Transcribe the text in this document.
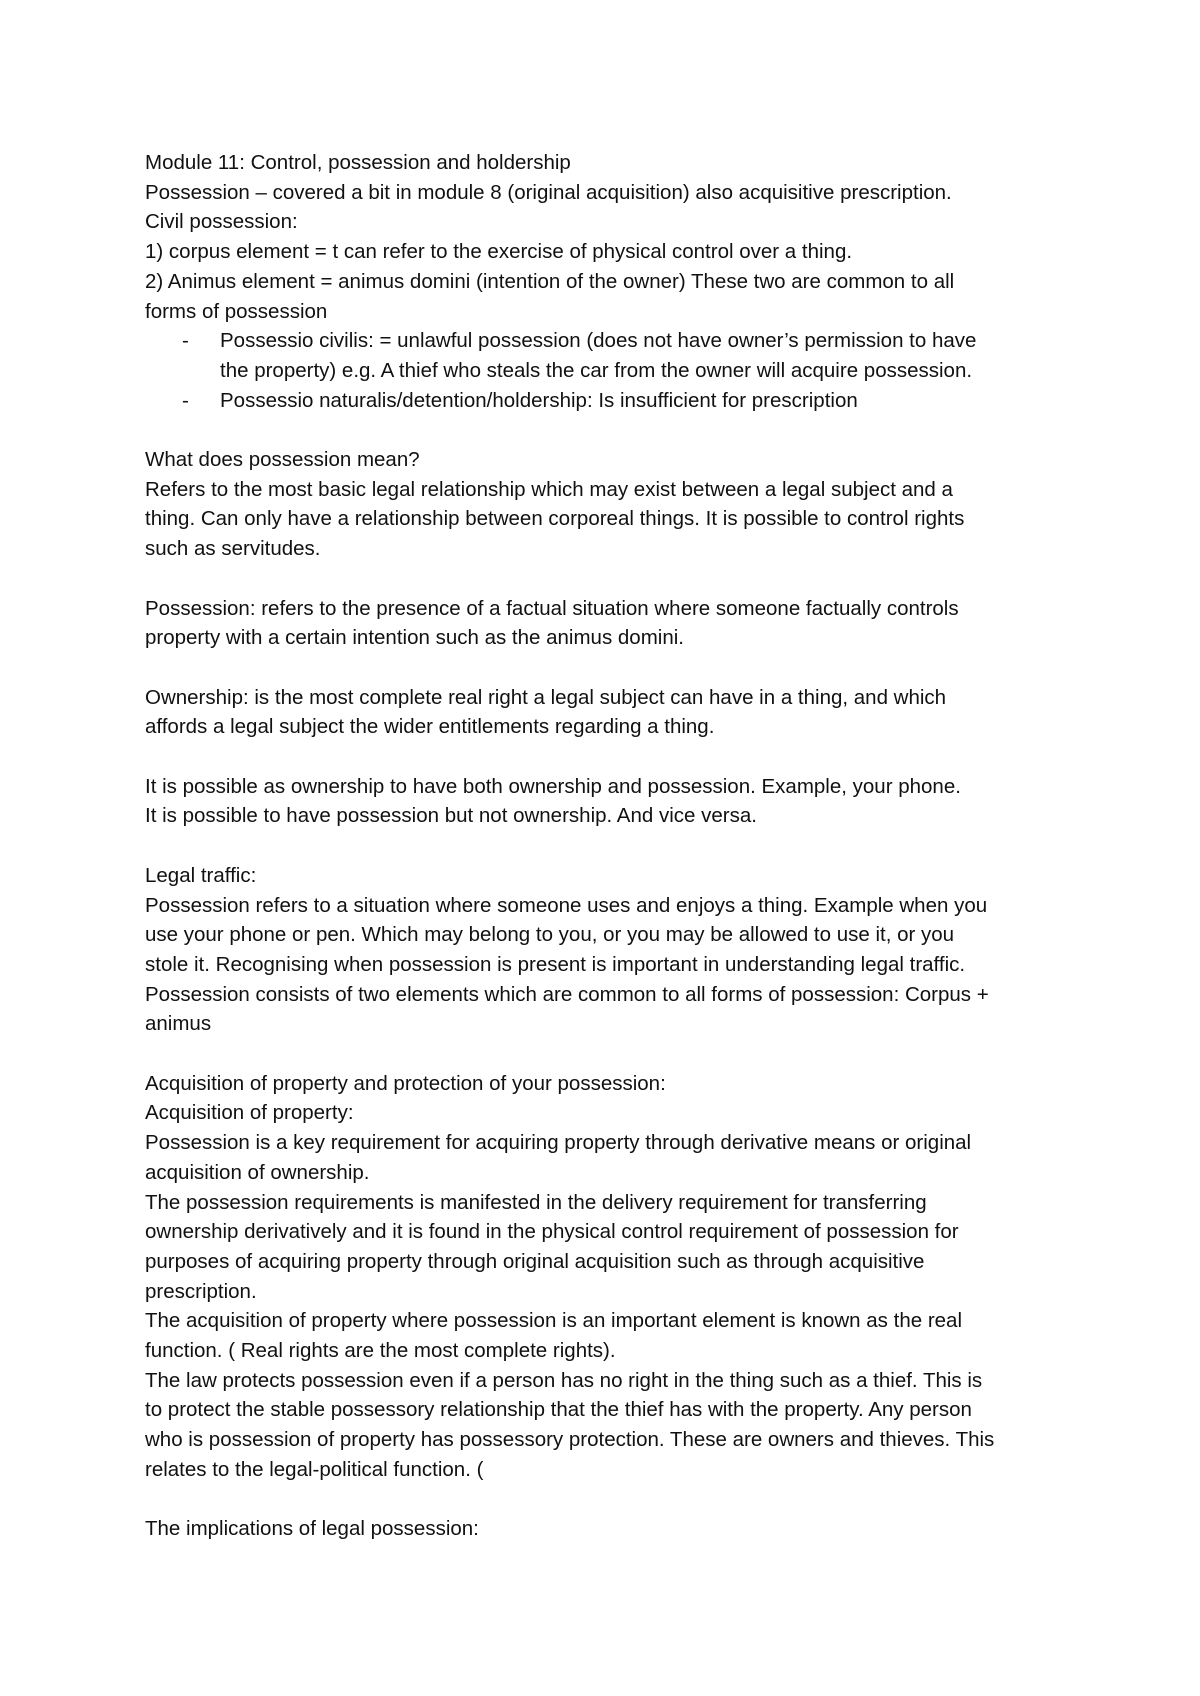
Module 11: Control, possession and holdership
Possession – covered a bit in module 8 (original acquisition) also acquisitive prescription.
Civil possession:
1) corpus element = t can refer to the exercise of physical control over a thing.
2) Animus element = animus domini (intention of the owner) These two are common to all
forms of possession
- Possessio civilis: = unlawful possession (does not have owner’s permission to have
the property) e.g. A thief who steals the car from the owner will acquire possession.
- Possessio naturalis/detention/holdership: Is insufficient for prescription
What does possession mean?
Refers to the most basic legal relationship which may exist between a legal subject and a
thing. Can only have a relationship between corporeal things. It is possible to control rights
such as servitudes.
Possession: refers to the presence of a factual situation where someone factually controls
property with a certain intention such as the animus domini.
Ownership: is the most complete real right a legal subject can have in a thing, and which
affords a legal subject the wider entitlements regarding a thing.
It is possible as ownership to have both ownership and possession. Example, your phone.
It is possible to have possession but not ownership. And vice versa.
Legal traffic:
Possession refers to a situation where someone uses and enjoys a thing. Example when you
use your phone or pen. Which may belong to you, or you may be allowed to use it, or you
stole it. Recognising when possession is present is important in understanding legal traffic.
Possession consists of two elements which are common to all forms of possession: Corpus +
animus
Acquisition of property and protection of your possession:
Acquisition of property:
Possession is a key requirement for acquiring property through derivative means or original
acquisition of ownership.
The possession requirements is manifested in the delivery requirement for transferring
ownership derivatively and it is found in the physical control requirement of possession for
purposes of acquiring property through original acquisition such as through acquisitive
prescription.
The acquisition of property where possession is an important element is known as the real
function. ( Real rights are the most complete rights).
The law protects possession even if a person has no right in the thing such as a thief. This is
to protect the stable possessory relationship that the thief has with the property. Any person
who is possession of property has possessory protection. These are owners and thieves. This
relates to the legal-political function. (
The implications of legal possession:
